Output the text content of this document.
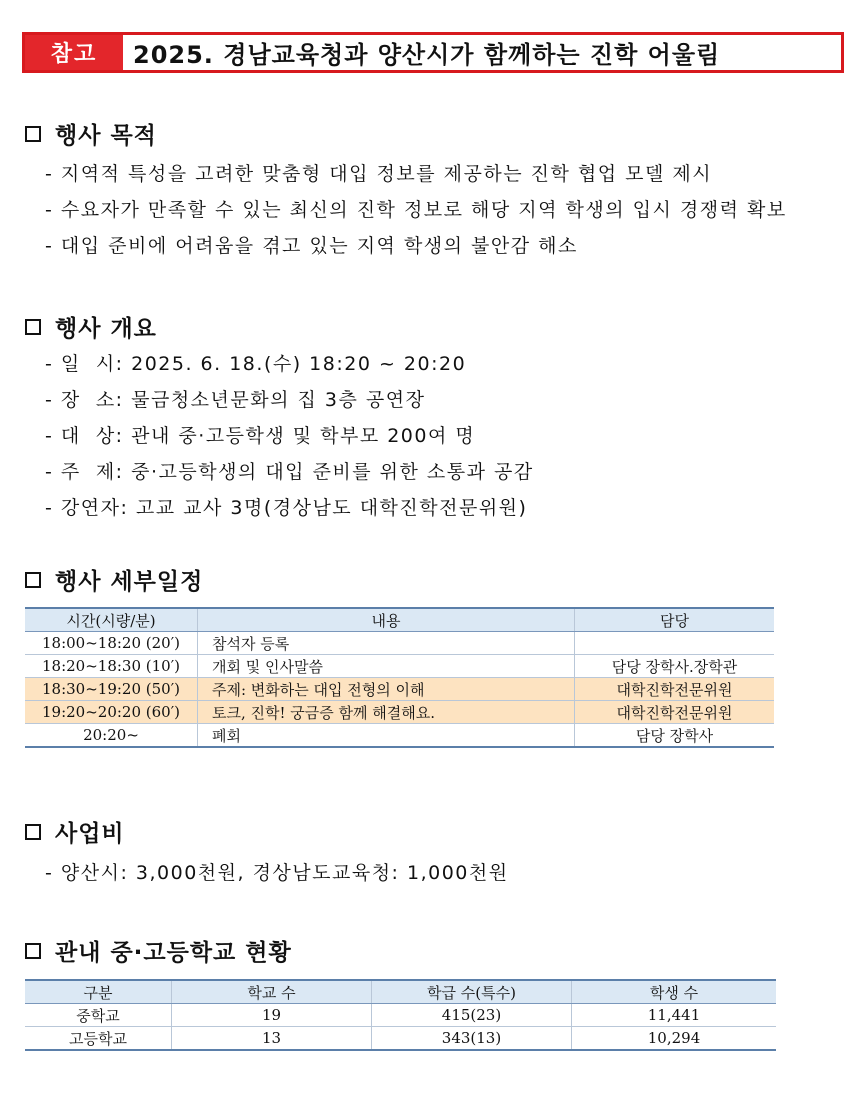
참고	2025. 경남교육청과 양산시가 함께하는 진학 어울림
행사 목적
- 지역적 특성을 고려한 맞춤형 대입 정보를 제공하는 진학 협업 모델 제시
- 수요자가 만족할 수 있는 최신의 진학 정보로 해당 지역 학생의 입시 경쟁력 확보
- 대입 준비에 어려움을 겪고 있는 지역 학생의 불안감 해소
행사 개요
- 일  시: 2025. 6. 18.(수) 18:20 ~ 20:20
- 장  소: 물금청소년문화의 집 3층 공연장
- 대  상: 관내 중·고등학생 및 학부모 200여 명
- 주  제: 중·고등학생의 대입 준비를 위한 소통과 공감
- 강연자: 고교 교사 3명(경상남도 대학진학전문위원)
행사 세부일정
시간(시량/분)	내용	담당
18:00~18:20 (20′)	참석자 등록	
18:20~18:30 (10′)	개회 및 인사말씀	담당 장학사.장학관
18:30~19:20 (50′)	주제: 변화하는 대입 전형의 이해	대학진학전문위원
19:20~20:20 (60′)	토크, 진학! 궁금증 함께 해결해요.	대학진학전문위원
20:20~	폐회	담당 장학사
사업비
- 양산시: 3,000천원, 경상남도교육청: 1,000천원
관내 중·고등학교 현황
구분	학교 수	학급 수(특수)	학생 수
중학교	19	415(23)	11,441
고등학교	13	343(13)	10,294
